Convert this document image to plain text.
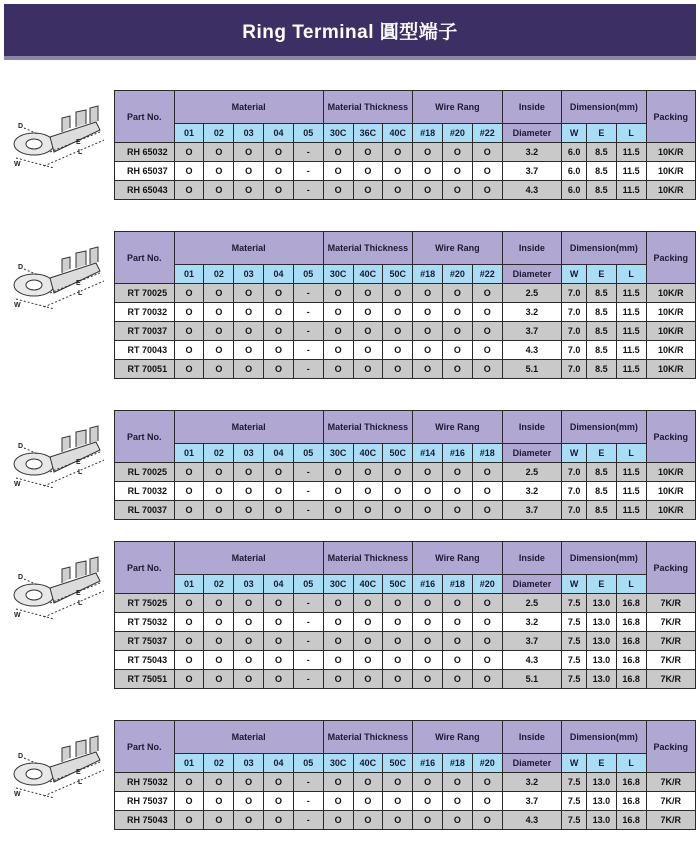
Ring Terminal 圓型端子
D
W
E
L
Part No.	Material					Material Thickness			Wire Rang			Inside	Dimension(mm)			Packing
	01	02	03	04	05	30C	36C	40C	#18	#20	#22	Diameter	W	E	L	
RH 65032	O	O	O	O	-	O	O	O	O	O	O	3.2	6.0	8.5	11.5	10K/R
RH 65037	O	O	O	O	-	O	O	O	O	O	O	3.7	6.0	8.5	11.5	10K/R
RH 65043	O	O	O	O	-	O	O	O	O	O	O	4.3	6.0	8.5	11.5	10K/R
D
W
E
L
Part No.	Material					Material Thickness			Wire Rang			Inside	Dimension(mm)			Packing
	01	02	03	04	05	30C	40C	50C	#18	#20	#22	Diameter	W	E	L	
RT 70025	O	O	O	O	-	O	O	O	O	O	O	2.5	7.0	8.5	11.5	10K/R
RT 70032	O	O	O	O	-	O	O	O	O	O	O	3.2	7.0	8.5	11.5	10K/R
RT 70037	O	O	O	O	-	O	O	O	O	O	O	3.7	7.0	8.5	11.5	10K/R
RT 70043	O	O	O	O	-	O	O	O	O	O	O	4.3	7.0	8.5	11.5	10K/R
RT 70051	O	O	O	O	-	O	O	O	O	O	O	5.1	7.0	8.5	11.5	10K/R
D
W
E
L
Part No.	Material					Material Thickness			Wire Rang			Inside	Dimension(mm)			Packing
	01	02	03	04	05	30C	40C	50C	#14	#16	#18	Diameter	W	E	L	
RL 70025	O	O	O	O	-	O	O	O	O	O	O	2.5	7.0	8.5	11.5	10K/R
RL 70032	O	O	O	O	-	O	O	O	O	O	O	3.2	7.0	8.5	11.5	10K/R
RL 70037	O	O	O	O	-	O	O	O	O	O	O	3.7	7.0	8.5	11.5	10K/R
D
W
E
L
Part No.	Material					Material Thickness			Wire Rang			Inside	Dimension(mm)			Packing
	01	02	03	04	05	30C	40C	50C	#16	#18	#20	Diameter	W	E	L	
RT 75025	O	O	O	O	-	O	O	O	O	O	O	2.5	7.5	13.0	16.8	7K/R
RT 75032	O	O	O	O	-	O	O	O	O	O	O	3.2	7.5	13.0	16.8	7K/R
RT 75037	O	O	O	O	-	O	O	O	O	O	O	3.7	7.5	13.0	16.8	7K/R
RT 75043	O	O	O	O	-	O	O	O	O	O	O	4.3	7.5	13.0	16.8	7K/R
RT 75051	O	O	O	O	-	O	O	O	O	O	O	5.1	7.5	13.0	16.8	7K/R
D
W
E
L
Part No.	Material					Material Thickness			Wire Rang			Inside	Dimension(mm)			Packing
	01	02	03	04	05	30C	40C	50C	#16	#18	#20	Diameter	W	E	L	
RH 75032	O	O	O	O	-	O	O	O	O	O	O	3.2	7.5	13.0	16.8	7K/R
RH 75037	O	O	O	O	-	O	O	O	O	O	O	3.7	7.5	13.0	16.8	7K/R
RH 75043	O	O	O	O	-	O	O	O	O	O	O	4.3	7.5	13.0	16.8	7K/R
